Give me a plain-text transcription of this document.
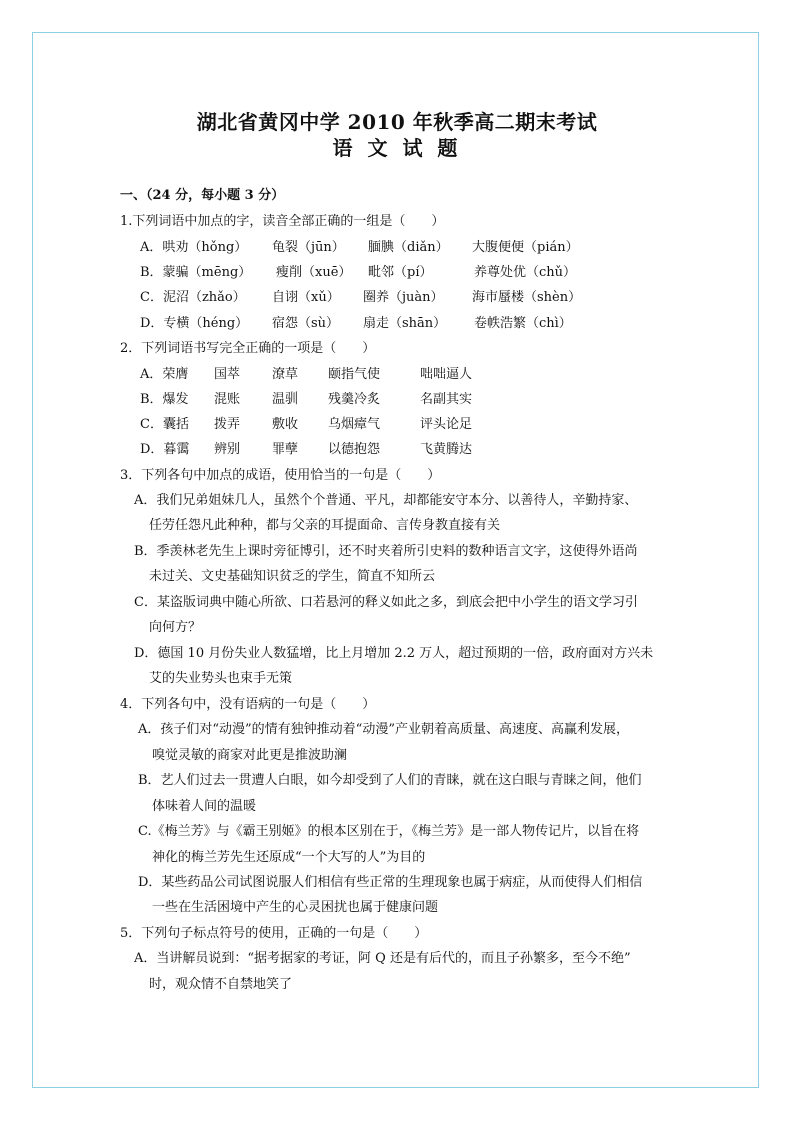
湖北省黄冈中学 2010 年秋季高二期末考试
语 文 试 题
一、（24 分，每小题 3 分）
1.下列词语中加点的字，读音全部正确的一组是（　　）
A．哄劝（hǒng） 龟裂（jūn） 腼腆（diǎn） 大腹便便（pián）
B．蒙骗（mēng） 瘦削（xuē） 毗邻（pí）	养尊处优（chǔ）
C．泥沼（zhǎo） 自诩（xǔ） 圈养（juàn） 海市蜃楼（shèn）
D．专横（héng） 宿怨（sù） 扇走（shān） 卷帙浩繁（chì）
2．下列词语书写完全正确的一项是（　　）
A．荣膺 国萃 潦草 颐指气使	咄咄逼人
B．爆发 混账 温驯 残羹冷炙	名副其实
C．囊括 拨弄 敷收 乌烟瘴气	评头论足
D．暮霭 辨别 罪孽 以德抱怨	飞黄腾达
3．下列各句中加点的成语，使用恰当的一句是（　　）
A．我们兄弟姐妹几人，虽然个个普通、平凡，却都能安守本分、以善待人，辛勤持家、
任劳任怨凡此种种，都与父亲的耳提面命、言传身教直接有关
B．季羡林老先生上课时旁征博引，还不时夹着所引史料的数种语言文字，这使得外语尚
未过关、文史基础知识贫乏的学生，简直不知所云
C．某盗版词典中随心所欲、口若悬河的释义如此之多，到底会把中小学生的语文学习引
向何方？
D．德国 10 月份失业人数猛增，比上月增加 2.2 万人，超过预期的一倍，政府面对方兴未
艾的失业势头也束手无策
4．下列各句中，没有语病的一句是（　　）
A．孩子们对“动漫”的情有独钟推动着“动漫”产业朝着高质量、高速度、高赢利发展，
嗅觉灵敏的商家对此更是推波助澜
B．艺人们过去一贯遭人白眼，如今却受到了人们的青睐，就在这白眼与青睐之间，他们
体味着人间的温暖
C.《梅兰芳》与《霸王别姬》的根本区别在于，《梅兰芳》是一部人物传记片，以旨在将
神化的梅兰芳先生还原成“一个大写的人”为目的
D．某些药品公司试图说服人们相信有些正常的生理现象也属于病症，从而使得人们相信
一些在生活困境中产生的心灵困扰也属于健康问题
5．下列句子标点符号的使用，正确的一句是（　　）
A．当讲解员说到：“据考据家的考证，阿 Q 还是有后代的，而且子孙繁多，至今不绝”
时，观众情不自禁地笑了
